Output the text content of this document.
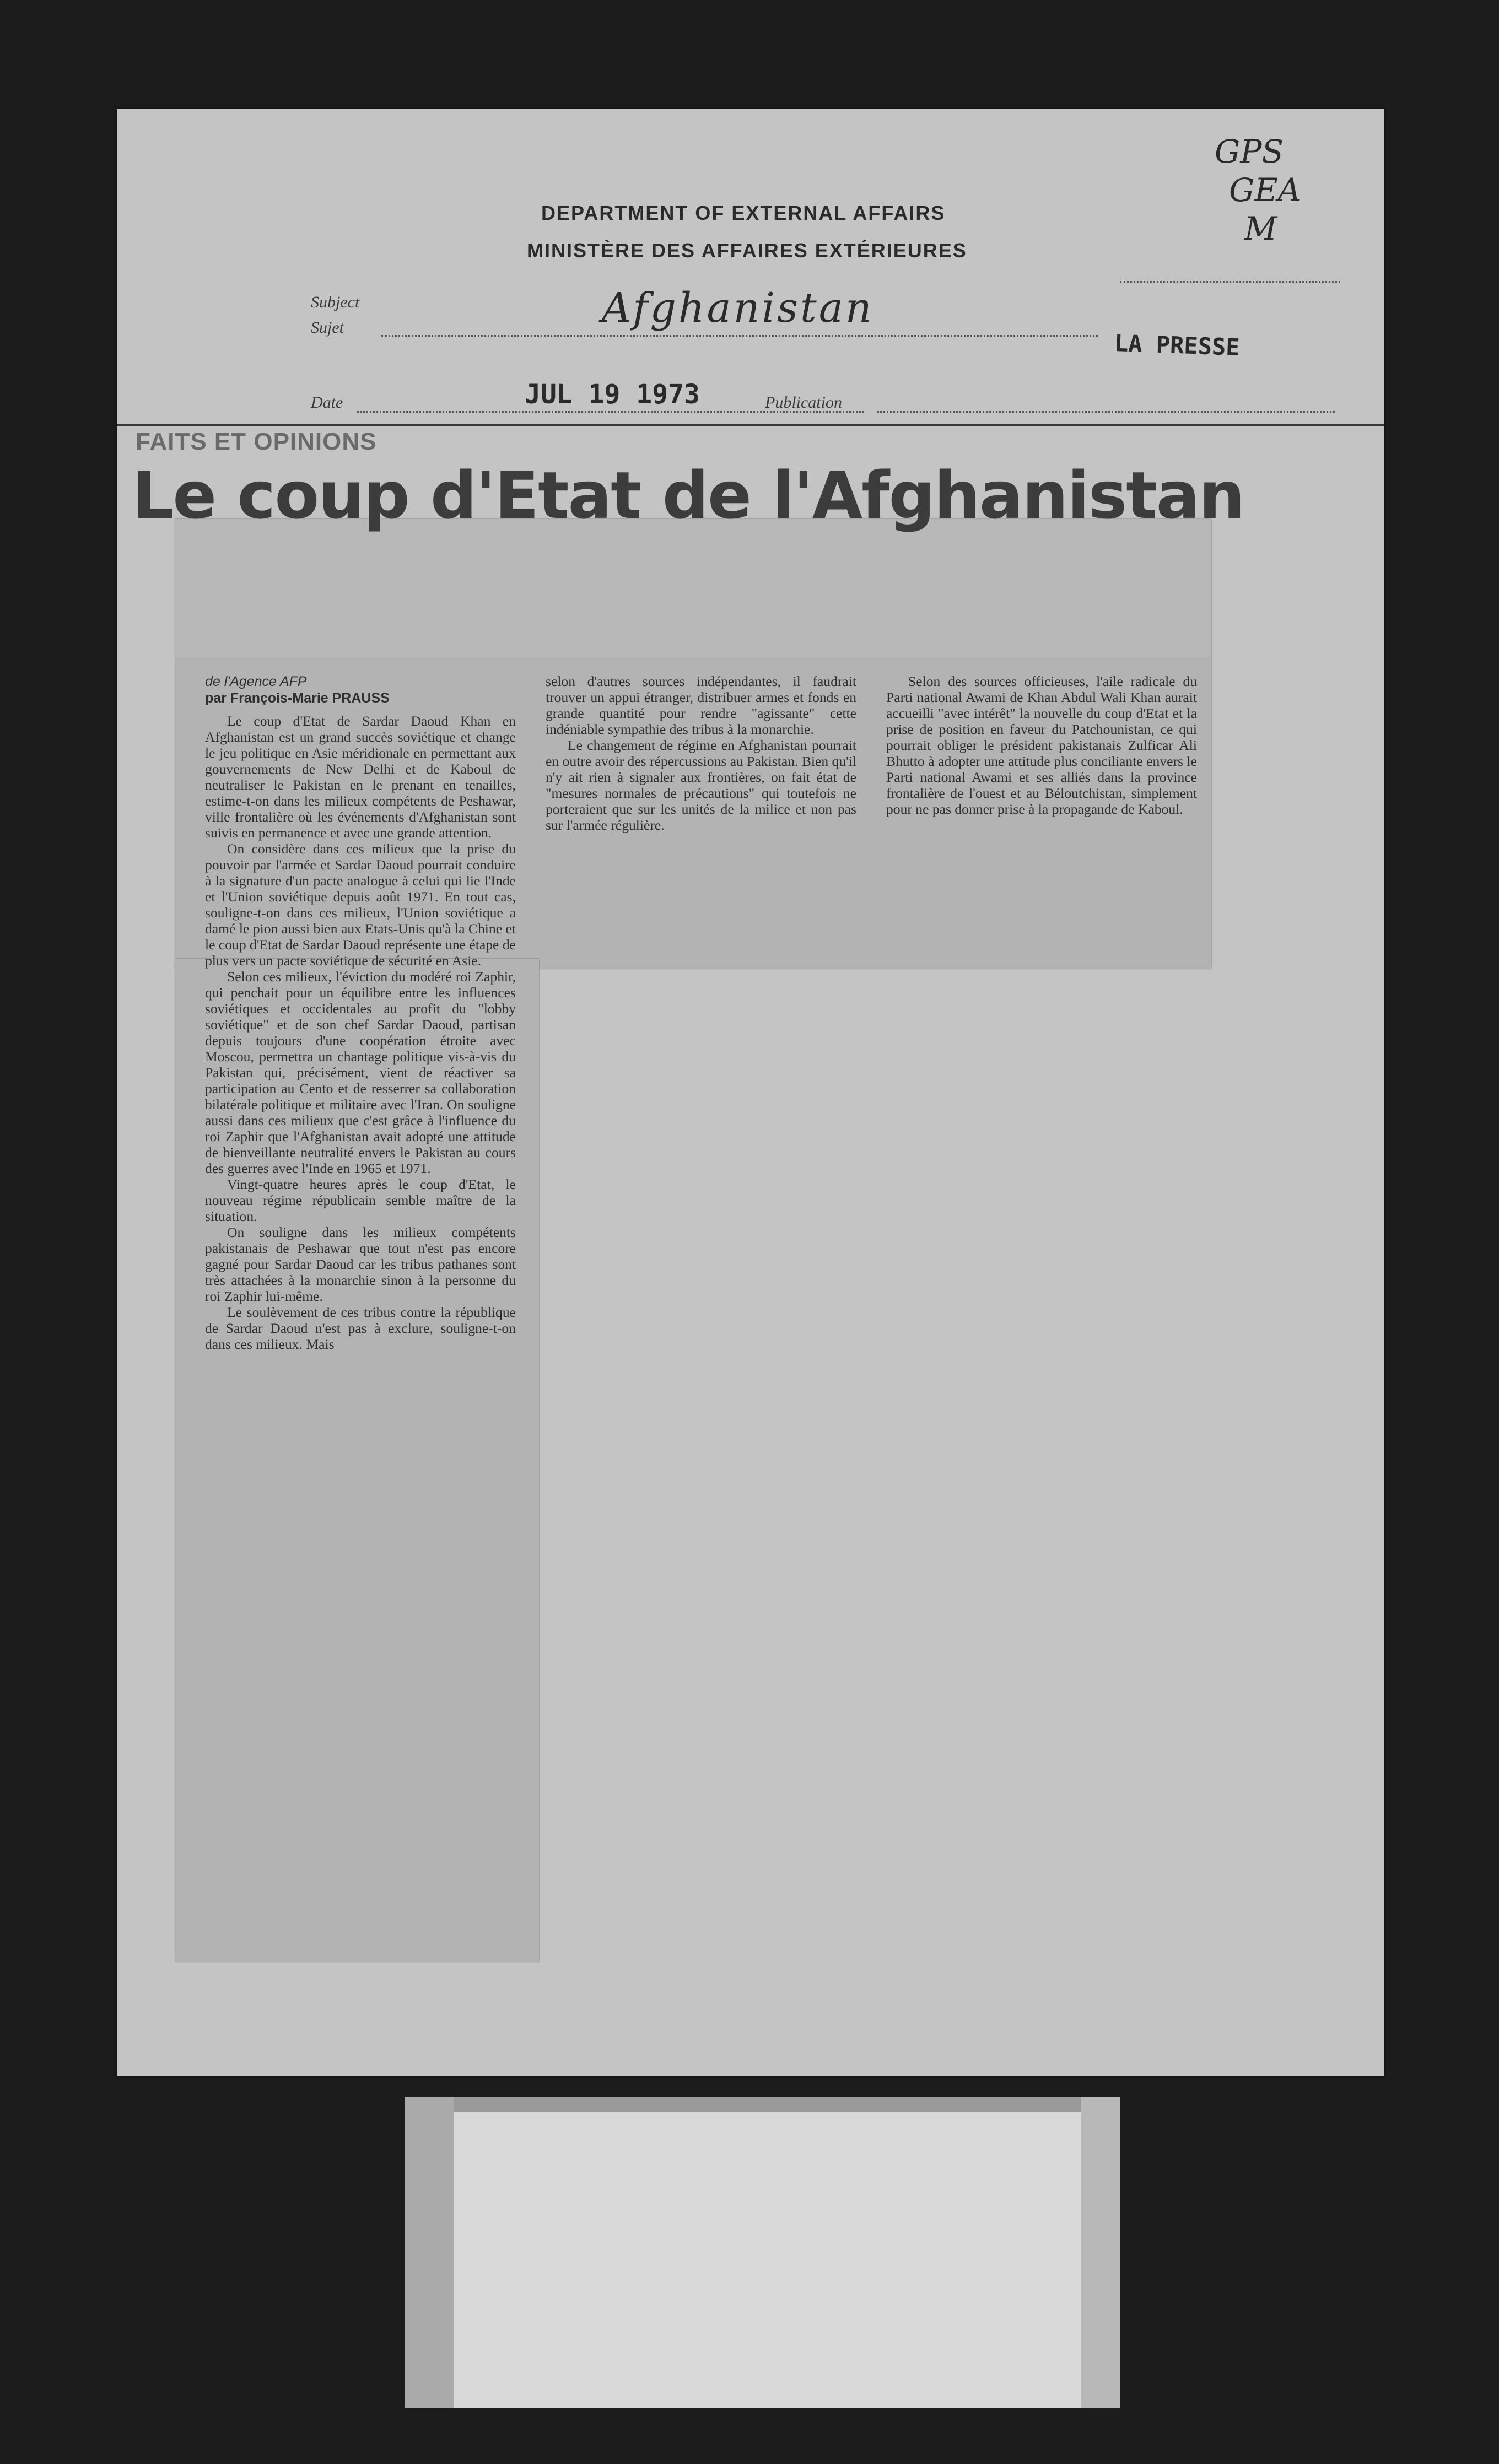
GPS
GEA
M
DEPARTMENT OF EXTERNAL AFFAIRS
MINISTÈRE DES AFFAIRES EXTÉRIEURES
Subject
Sujet	Afghanistan
LA PRESSE
Date	JUL 19 1973	Publication
FAITS ET OPINIONS
Le coup d'Etat de l'Afghanistan

de l'Agence AFP

par François-Marie PRAUSS

Le coup d'Etat de Sardar Daoud Khan en Afghanistan est un grand succès soviétique et change le jeu politique en Asie méridionale en permettant aux gouvernements de New Delhi et de Kaboul de neutraliser le Pakistan en le prenant en tenailles, estime-t-on dans les milieux compétents de Peshawar, ville frontalière où les événements d'Afghanistan sont suivis en permanence et avec une grande attention.

On considère dans ces milieux que la prise du pouvoir par l'armée et Sardar Daoud pourrait conduire à la signature d'un pacte analogue à celui qui lie l'Inde et l'Union soviétique depuis août 1971. En tout cas, souligne-t-on dans ces milieux, l'Union soviétique a damé le pion aussi bien aux Etats-Unis qu'à la Chine et le coup d'Etat de Sardar Daoud représente une étape de plus vers un pacte soviétique de sécurité en Asie.

Selon ces milieux, l'éviction du modéré roi Zaphir, qui penchait pour un équilibre entre les influences soviétiques et occidentales au profit du "lobby soviétique" et de son chef Sardar Daoud, partisan depuis toujours d'une coopération étroite avec Moscou, permettra un chantage politique vis-à-vis du Pakistan qui, précisément, vient de réactiver sa participation au Cento et de resserrer sa collaboration bilatérale politique et militaire avec l'Iran. On souligne aussi dans ces milieux que c'est grâce à l'influence du roi Zaphir que l'Afghanistan avait adopté une attitude de bienveillante neutralité envers le Pakistan au cours des guerres avec l'Inde en 1965 et 1971.

Vingt-quatre heures après le coup d'Etat, le nouveau régime républicain semble maître de la situation.

On souligne dans les milieux compétents pakistanais de Peshawar que tout n'est pas encore gagné pour Sardar Daoud car les tribus pathanes sont très attachées à la monarchie sinon à la personne du roi Zaphir lui-même.

Le soulèvement de ces tribus contre la république de Sardar Daoud n'est pas à exclure, souligne-t-on dans ces milieux. Mais

selon d'autres sources indépendantes, il faudrait trouver un appui étranger, distribuer armes et fonds en grande quantité pour rendre "agissante" cette indéniable sympathie des tribus à la monarchie.

Le changement de régime en Afghanistan pourrait en outre avoir des répercussions au Pakistan. Bien qu'il n'y ait rien à signaler aux frontières, on fait état de "mesures normales de précautions" qui toutefois ne porteraient que sur les unités de la milice et non pas sur l'armée régulière.

Selon des sources officieuses, l'aile radicale du Parti national Awami de Khan Abdul Wali Khan aurait accueilli "avec intérêt" la nouvelle du coup d'Etat et la prise de position en faveur du Patchounistan, ce qui pourrait obliger le président pakistanais Zulficar Ali Bhutto à adopter une attitude plus conciliante envers le Parti national Awami et ses alliés dans la province frontalière de l'ouest et au Béloutchistan, simplement pour ne pas donner prise à la propagande de Kaboul.
